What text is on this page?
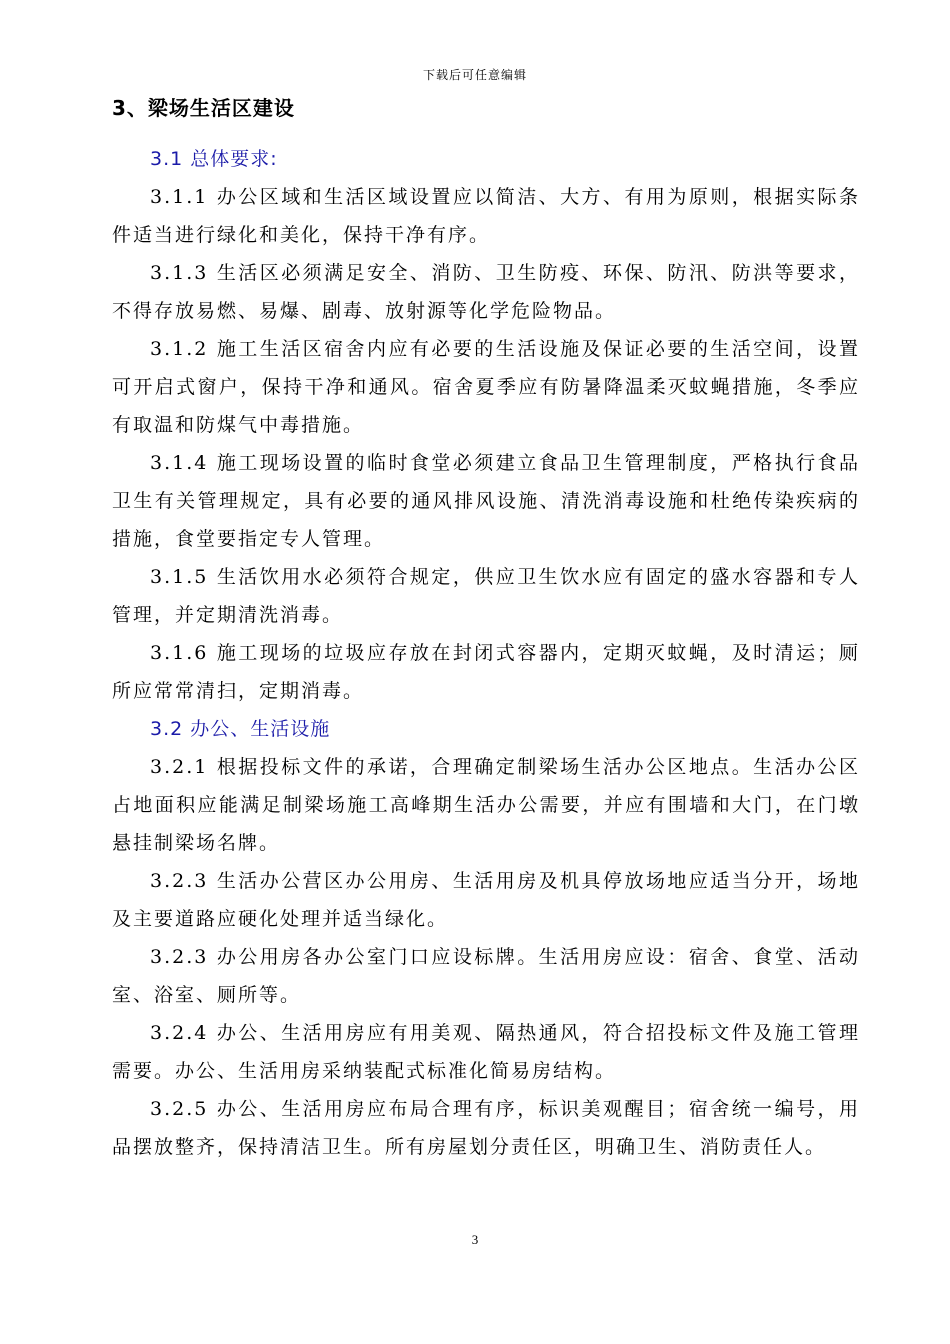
下载后可任意编辑
3、梁场生活区建设
3.1 总体要求:

3.1.1 办公区域和生活区域设置应以简洁、大方、有用为原则，根据实际条件适当进行绿化和美化，保持干净有序。

3.1.3 生活区必须满足安全、消防、卫生防疫、环保、防汛、防洪等要求，不得存放易燃、易爆、剧毒、放射源等化学危险物品。

3.1.2 施工生活区宿舍内应有必要的生活设施及保证必要的生活空间，设置可开启式窗户，保持干净和通风。宿舍夏季应有防暑降温柔灭蚊蝇措施，冬季应有取温和防煤气中毒措施。

3.1.4 施工现场设置的临时食堂必须建立食品卫生管理制度，严格执行食品卫生有关管理规定，具有必要的通风排风设施、清洗消毒设施和杜绝传染疾病的措施，食堂要指定专人管理。

3.1.5 生活饮用水必须符合规定，供应卫生饮水应有固定的盛水容器和专人管理，并定期清洗消毒。

3.1.6 施工现场的垃圾应存放在封闭式容器内，定期灭蚊蝇，及时清运；厕所应常常清扫，定期消毒。

3.2 办公、生活设施

3.2.1 根据投标文件的承诺，合理确定制梁场生活办公区地点。生活办公区占地面积应能满足制梁场施工高峰期生活办公需要，并应有围墙和大门，在门墩悬挂制梁场名牌。

3.2.3 生活办公营区办公用房、生活用房及机具停放场地应适当分开，场地及主要道路应硬化处理并适当绿化。

3.2.3 办公用房各办公室门口应设标牌。生活用房应设：宿舍、食堂、活动室、浴室、厕所等。

3.2.4 办公、生活用房应有用美观、隔热通风，符合招投标文件及施工管理需要。办公、生活用房采纳装配式标准化简易房结构。

3.2.5 办公、生活用房应布局合理有序，标识美观醒目；宿舍统一编号，用品摆放整齐，保持清洁卫生。所有房屋划分责任区，明确卫生、消防责任人。

3
